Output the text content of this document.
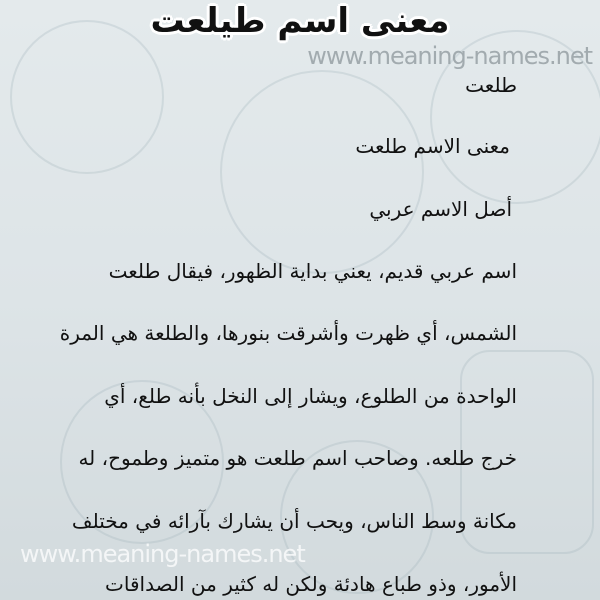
معنى اسم طيلعت
www.meaning-names.net
طلعت
معنى الاسم طلعت
أصل الاسم عربي
اسم عربي قديم، يعني بداية الظهور، فيقال طلعت
الشمس، أي ظهرت وأشرقت بنورها، والطلعة هي المرة
الواحدة من الطلوع، ويشار إلى النخل بأنه طلع، أي
خرج طلعه. وصاحب اسم طلعت هو متميز وطموح، له
مكانة وسط الناس، ويحب أن يشارك بآرائه في مختلف
www.meaning-names.net
الأمور، وذو طباع هادئة ولكن له كثير من الصداقات
